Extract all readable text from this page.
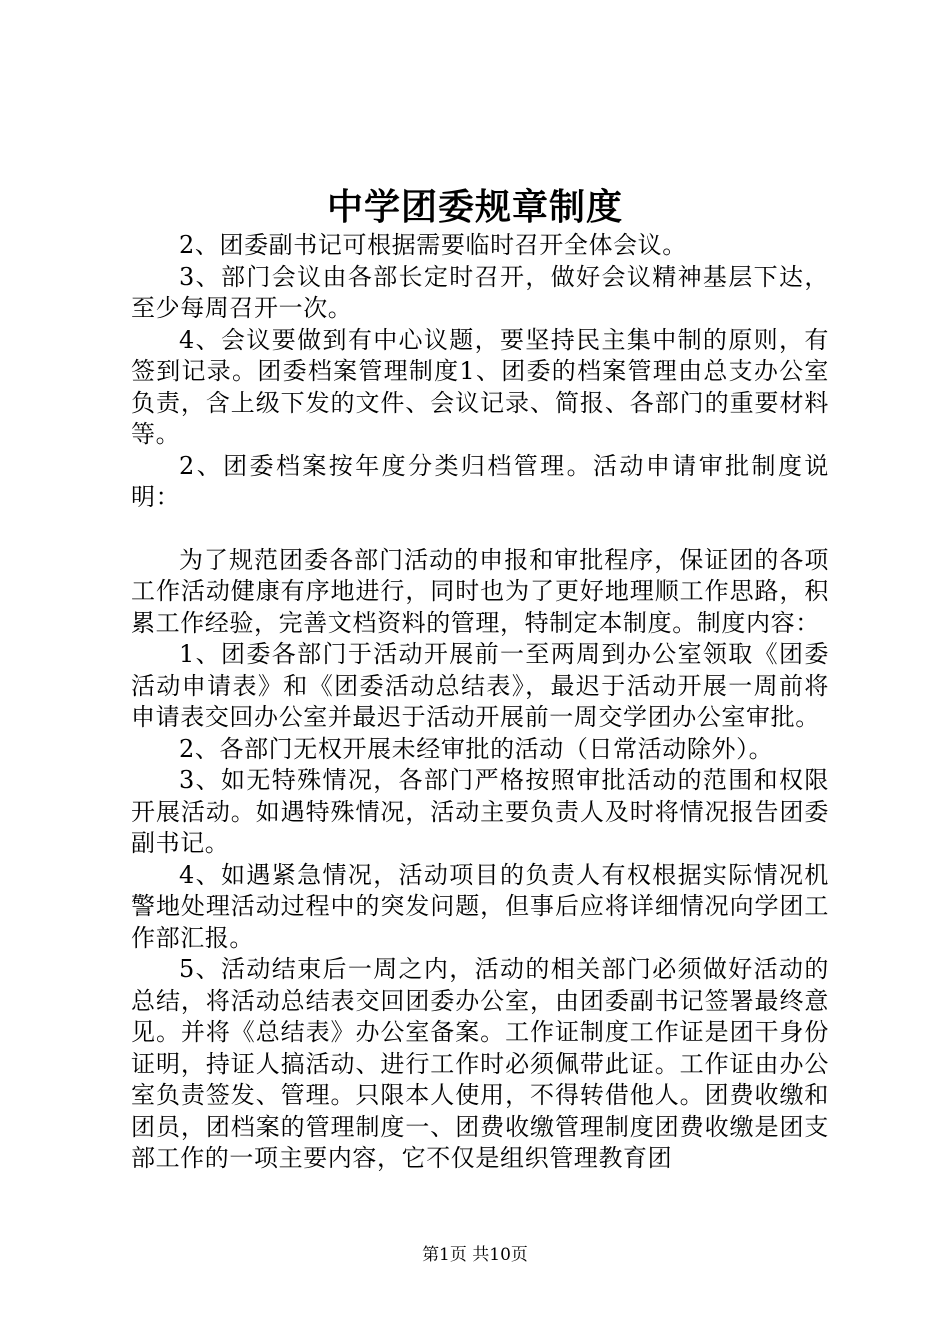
中学团委规章制度

2、团委副书记可根据需要临时召开全体会议。

3、部门会议由各部长定时召开，做好会议精神基层下达，至少每周召开一次。

4、会议要做到有中心议题，要坚持民主集中制的原则，有签到记录。团委档案管理制度1、团委的档案管理由总支办公室负责，含上级下发的文件、会议记录、简报、各部门的重要材料等。

2、团委档案按年度分类归档管理。活动申请审批制度说明：

为了规范团委各部门活动的申报和审批程序，保证团的各项工作活动健康有序地进行，同时也为了更好地理顺工作思路，积累工作经验，完善文档资料的管理，特制定本制度。制度内容：

1、团委各部门于活动开展前一至两周到办公室领取《团委活动申请表》和《团委活动总结表》，最迟于活动开展一周前将申请表交回办公室并最迟于活动开展前一周交学团办公室审批。

2、各部门无权开展未经审批的活动（日常活动除外）。

3、如无特殊情况，各部门严格按照审批活动的范围和权限开展活动。如遇特殊情况，活动主要负责人及时将情况报告团委副书记。

4、如遇紧急情况，活动项目的负责人有权根据实际情况机警地处理活动过程中的突发问题，但事后应将详细情况向学团工作部汇报。

5、活动结束后一周之内，活动的相关部门必须做好活动的总结，将活动总结表交回团委办公室，由团委副书记签署最终意见。并将《总结表》办公室备案。工作证制度工作证是团干身份证明，持证人搞活动、进行工作时必须佩带此证。工作证由办公室负责签发、管理。只限本人使用，不得转借他人。团费收缴和团员，团档案的管理制度一、团费收缴管理制度团费收缴是团支部工作的一项主要内容，它不仅是组织管理教育团

第1页 共10页
